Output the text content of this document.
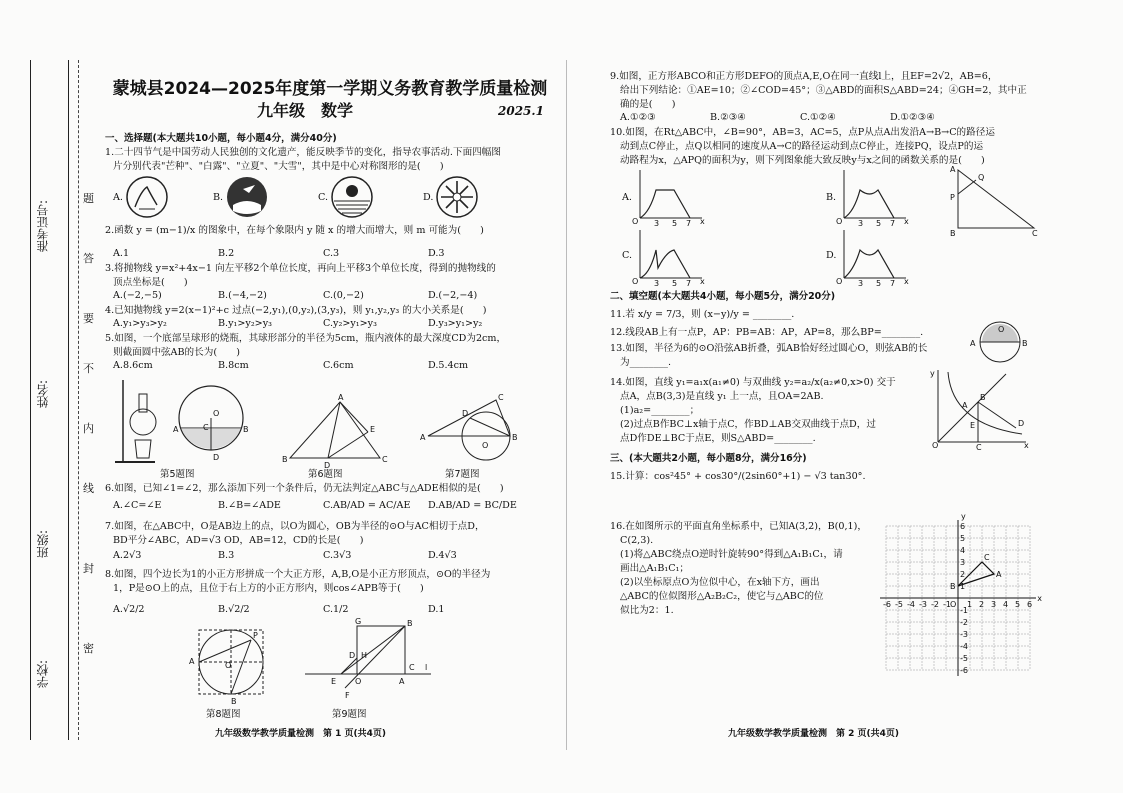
学校:
班级:
姓名:
准考证号:
密
封
线
内
不
要
答
题
蒙城县2024—2025年度第一学期义务教育教学质量检测
九年级　数学	2025.1
一、选择题(本大题共10小题，每小题4分，满分40分)
1.二十四节气是中国劳动人民独创的文化遗产，能反映季节的变化，指导农事活动.下面四幅图
片分别代表"芒种"、"白露"、"立夏"、"大雪"，其中是中心对称图形的是(　　)
A.	B.	C.	D.
2.函数 y = (m−1)/x 的图象中，在每个象限内 y 随 x 的增大而增大，则 m 可能为(　　)
A.1	B.2	C.3	D.3
3.将抛物线 y=x²+4x−1 向左平移2个单位长度，再向上平移3个单位长度，得到的抛物线的
顶点坐标是(　　)
A.(−2,−5)	B.(−4,−2)	C.(0,−2)	D.(−2,−4)
4.已知抛物线 y=2(x−1)²+c 过点(−2,y₁),(0,y₂),(3,y₃)，则 y₁,y₂,y₃ 的大小关系是(　　)
A.y₁>y₃>y₂	B.y₁>y₂>y₃	C.y₂>y₁>y₃	D.y₃>y₁>y₂
5.如图，一个底部呈球形的烧瓶，其球形部分的半径为5cm，瓶内液体的最大深度CD为2cm，
则截面圆中弦AB的长为(　　)
A.8.6cm	B.8cm	C.6cm	D.5.4cm
A	B
O
C
D
第5题图
A
B	C
D
E
第6题图
A	B
C
D
O
第7题图
6.如图，已知∠1=∠2，那么添加下列一个条件后，仍无法判定△ABC与△ADE相似的是(　　)
A.∠C=∠E	B.∠B=∠ADE	C.AB/AD = AC/AE D.AB/AD = BC/DE
7.如图，在△ABC中，O是AB边上的点，以O为圆心，OB为半径的⊙O与AC相切于点D，
BD平分∠ABC，AD=√3 OD，AB=12，CD的长是(　　)
A.2√3	B.3	C.3√3	D.4√3
8.如图，四个边长为1的小正方形拼成一个大正方形，A,B,O是小正方形顶点，⊙O的半径为
1，P是⊙O上的点，且位于右上方的小正方形内，则cos∠APB等于(　　)
A.√2/2	B.√2/2	C.1/2	D.1
A
B
O
P
第8题图
G	B
D H
E
F
O	A
l
C
第9题图
九年级数学教学质量检测　第 1 页(共4页)
9.如图，正方形ABCO和正方形DEFO的顶点A,E,O在同一直线l上，且EF=2√2，AB=6，
给出下列结论：①AE=10；②∠COD=45°；③△ABD的面积S△ABD=24；④GH=2，其中正
确的是(　　)
A.①②③	B.②③④	C.①②④	D.①②③④
10.如图，在Rt△ABC中，∠B=90°，AB=3，AC=5，点P从点A出发沿A→B→C的路径运
动到点C停止，点Q以相同的速度从A→C的路径运动到点C停止，连接PQ，设点P的运
动路程为x，△APQ的面积为y，则下列图象能大致反映y与x之间的函数关系的是(　　)
A.
O 3 5 7 x
B.
O 3 5 7 x
A
P
Q
B	C
C.
O 3 5 7 x
D.
O 3 5 7 x
二、填空题(本大题共4小题，每小题5分，满分20分)
11.若 x/y = 7/3，则 (x−y)/y = ________.
12.线段AB上有一点P，AP：PB=AB：AP，AP=8，那么BP=________.
13.如图，半径为6的⊙O沿弦AB折叠，弧AB恰好经过圆心O，则弦AB的长
为________.
A	B
O
14.如图，直线 y₁=a₁x(a₁≠0) 与双曲线 y₂=a₂/x(a₂≠0,x>0) 交于
点A，点B(3,3)是直线 y₁ 上一点，且OA=2AB.
(1)a₂=________；
(2)过点B作BC⊥x轴于点C，作BD⊥AB交双曲线于点D，过
点D作DE⊥BC于点E，则S△ABD=________.
y
O
A
B
C
D
E
x
三、(本大题共2小题，每小题8分，满分16分)
15.计算：cos²45° + cos30°/(2sin60°+1) − √3 tan30°.
16.在如图所示的平面直角坐标系中，已知A(3,2)，B(0,1)，
C(2,3).
(1)将△ABC绕点O逆时针旋转90°得到△A₁B₁C₁，请
画出△A₁B₁C₁；
(2)以坐标原点O为位似中心，在x轴下方，画出
△ABC的位似图形△A₂B₂C₂，使它与△ABC的位
似比为2：1.
-6
-6
-5
-5
-4
-4
-3
-3
-2
-2
-1
-1
1
1
2
2
3
3
4
4
5
5
6
6
A
B
C
O
x
y
九年级数学教学质量检测　第 2 页(共4页)
